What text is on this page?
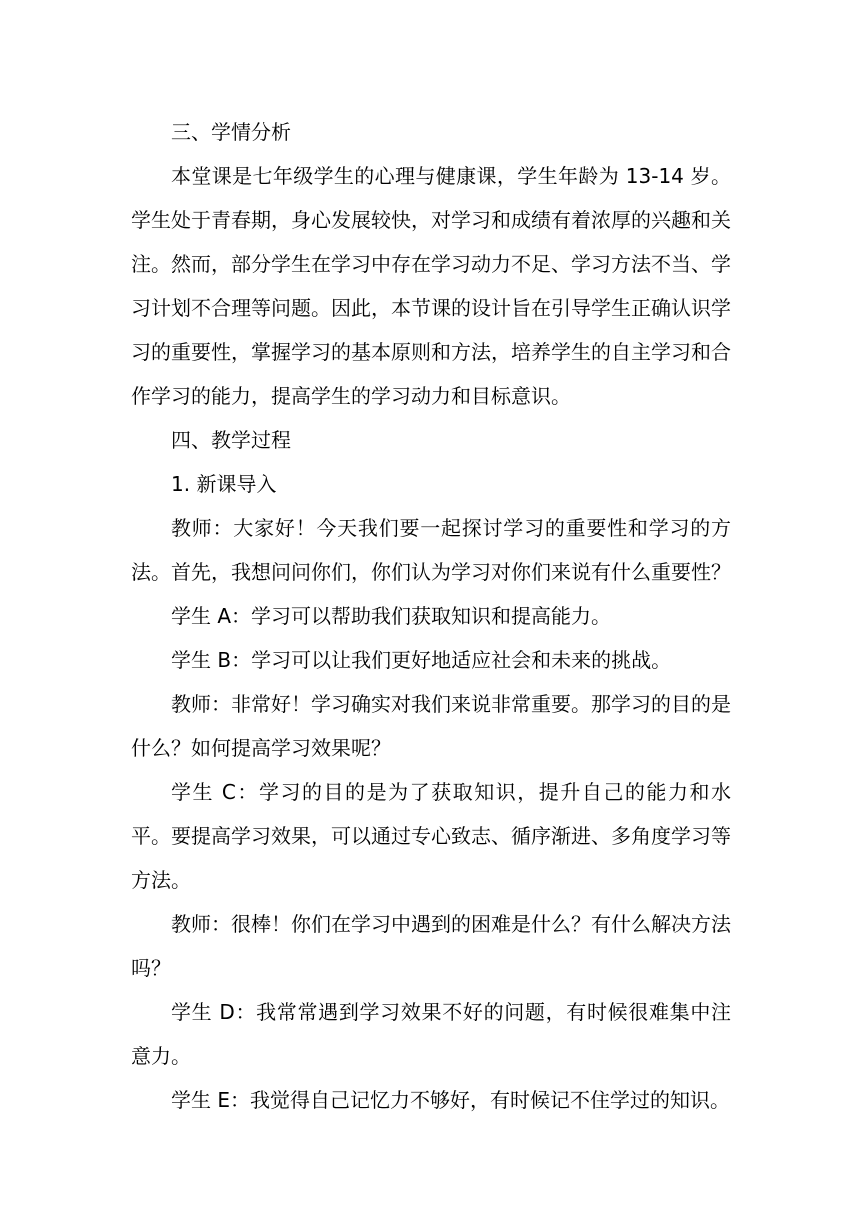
三、学情分析

本堂课是七年级学生的心理与健康课，学生年龄为 13-14 岁。学生处于青春期，身心发展较快，对学习和成绩有着浓厚的兴趣和关注。然而，部分学生在学习中存在学习动力不足、学习方法不当、学习计划不合理等问题。因此，本节课的设计旨在引导学生正确认识学习的重要性，掌握学习的基本原则和方法，培养学生的自主学习和合作学习的能力，提高学生的学习动力和目标意识。

四、教学过程

1. 新课导入

教师：大家好！今天我们要一起探讨学习的重要性和学习的方法。首先，我想问问你们，你们认为学习对你们来说有什么重要性？

学生 A：学习可以帮助我们获取知识和提高能力。

学生 B：学习可以让我们更好地适应社会和未来的挑战。

教师：非常好！学习确实对我们来说非常重要。那学习的目的是什么？如何提高学习效果呢？

学生 C：学习的目的是为了获取知识，提升自己的能力和水平。要提高学习效果，可以通过专心致志、循序渐进、多角度学习等方法。

教师：很棒！你们在学习中遇到的困难是什么？有什么解决方法吗？

学生 D：我常常遇到学习效果不好的问题，有时候很难集中注意力。

学生 E：我觉得自己记忆力不够好，有时候记不住学过的知识。
